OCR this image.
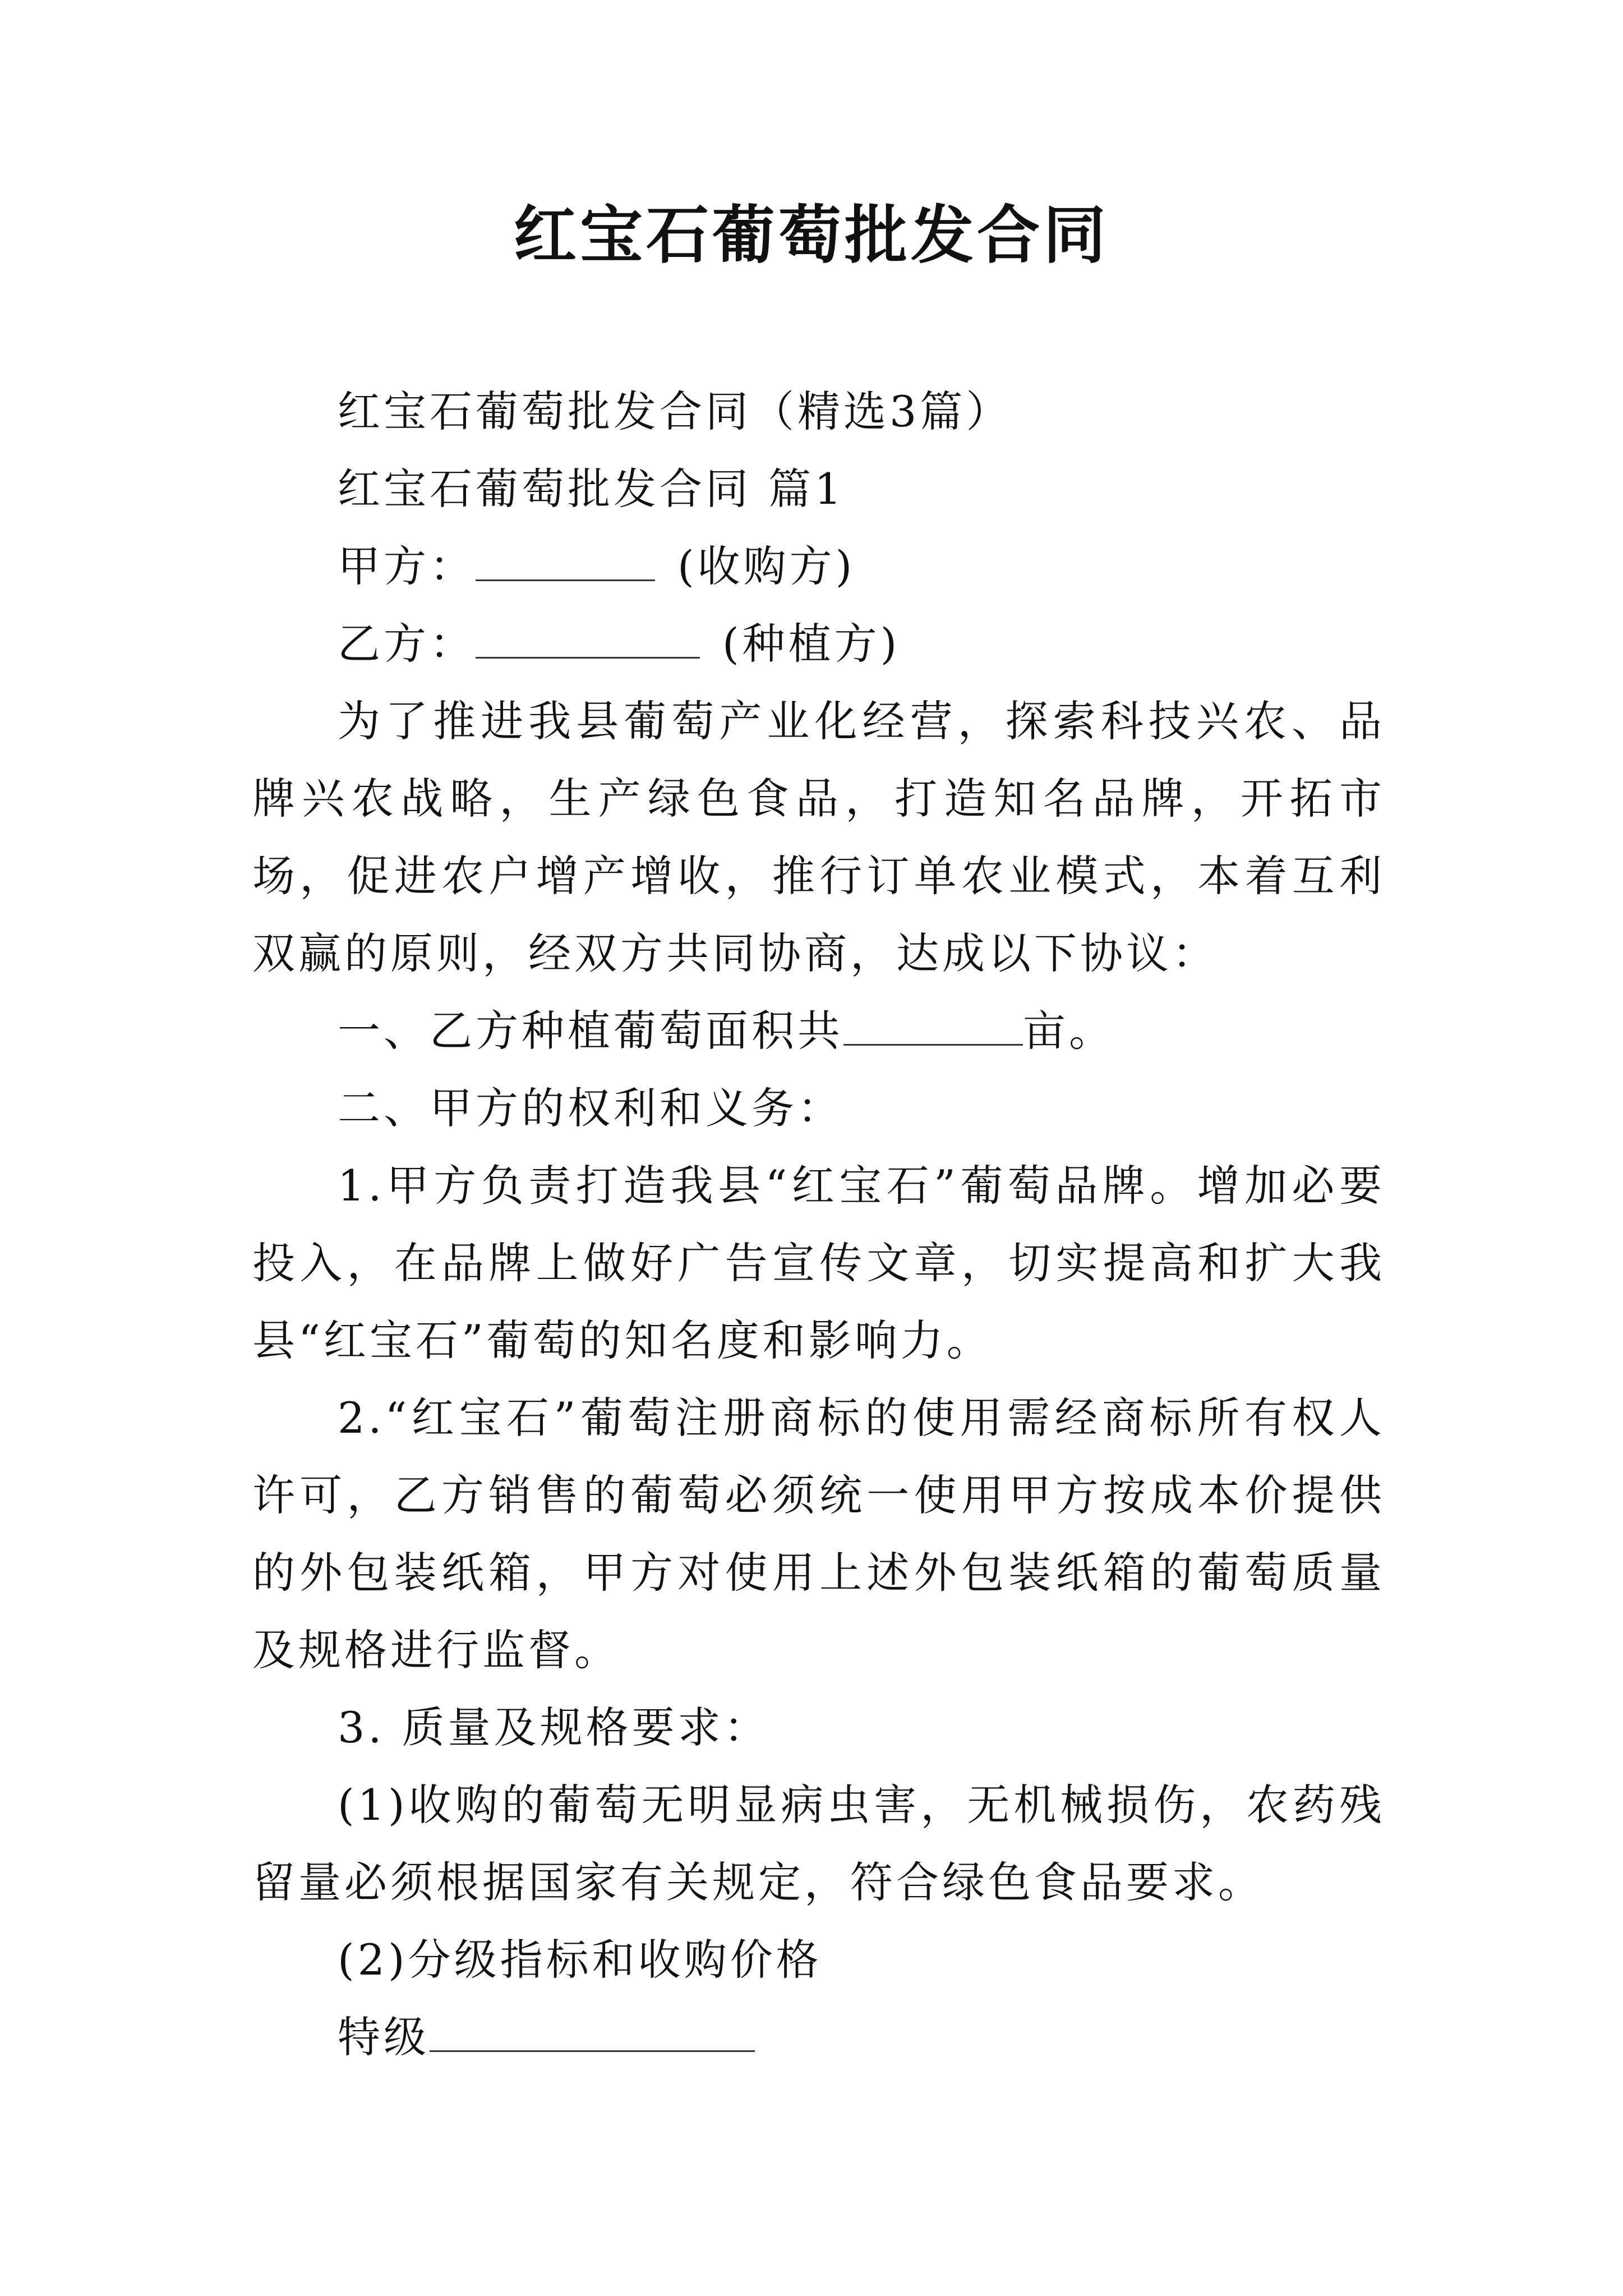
红宝石葡萄批发合同

红宝石葡萄批发合同（精选3篇）

红宝石葡萄批发合同 篇1

甲方：	(收购方)

乙方：	(种植方)

为了推进我县葡萄产业化经营，探索科技兴农、品牌兴农战略，生产绿色食品，打造知名品牌，开拓市场，促进农户增产增收，推行订单农业模式，本着互利双赢的原则，经双方共同协商，达成以下协议：

一、乙方种植葡萄面积共	亩。

二、甲方的权利和义务：

1.甲方负责打造我县“红宝石”葡萄品牌。增加必要投入，在品牌上做好广告宣传文章，切实提高和扩大我县“红宝石”葡萄的知名度和影响力。

2.“红宝石”葡萄注册商标的使用需经商标所有权人许可，乙方销售的葡萄必须统一使用甲方按成本价提供的外包装纸箱，甲方对使用上述外包装纸箱的葡萄质量及规格进行监督。

3. 质量及规格要求：

(1)收购的葡萄无明显病虫害，无机械损伤，农药残留量必须根据国家有关规定，符合绿色食品要求。

(2)分级指标和收购价格

特级
